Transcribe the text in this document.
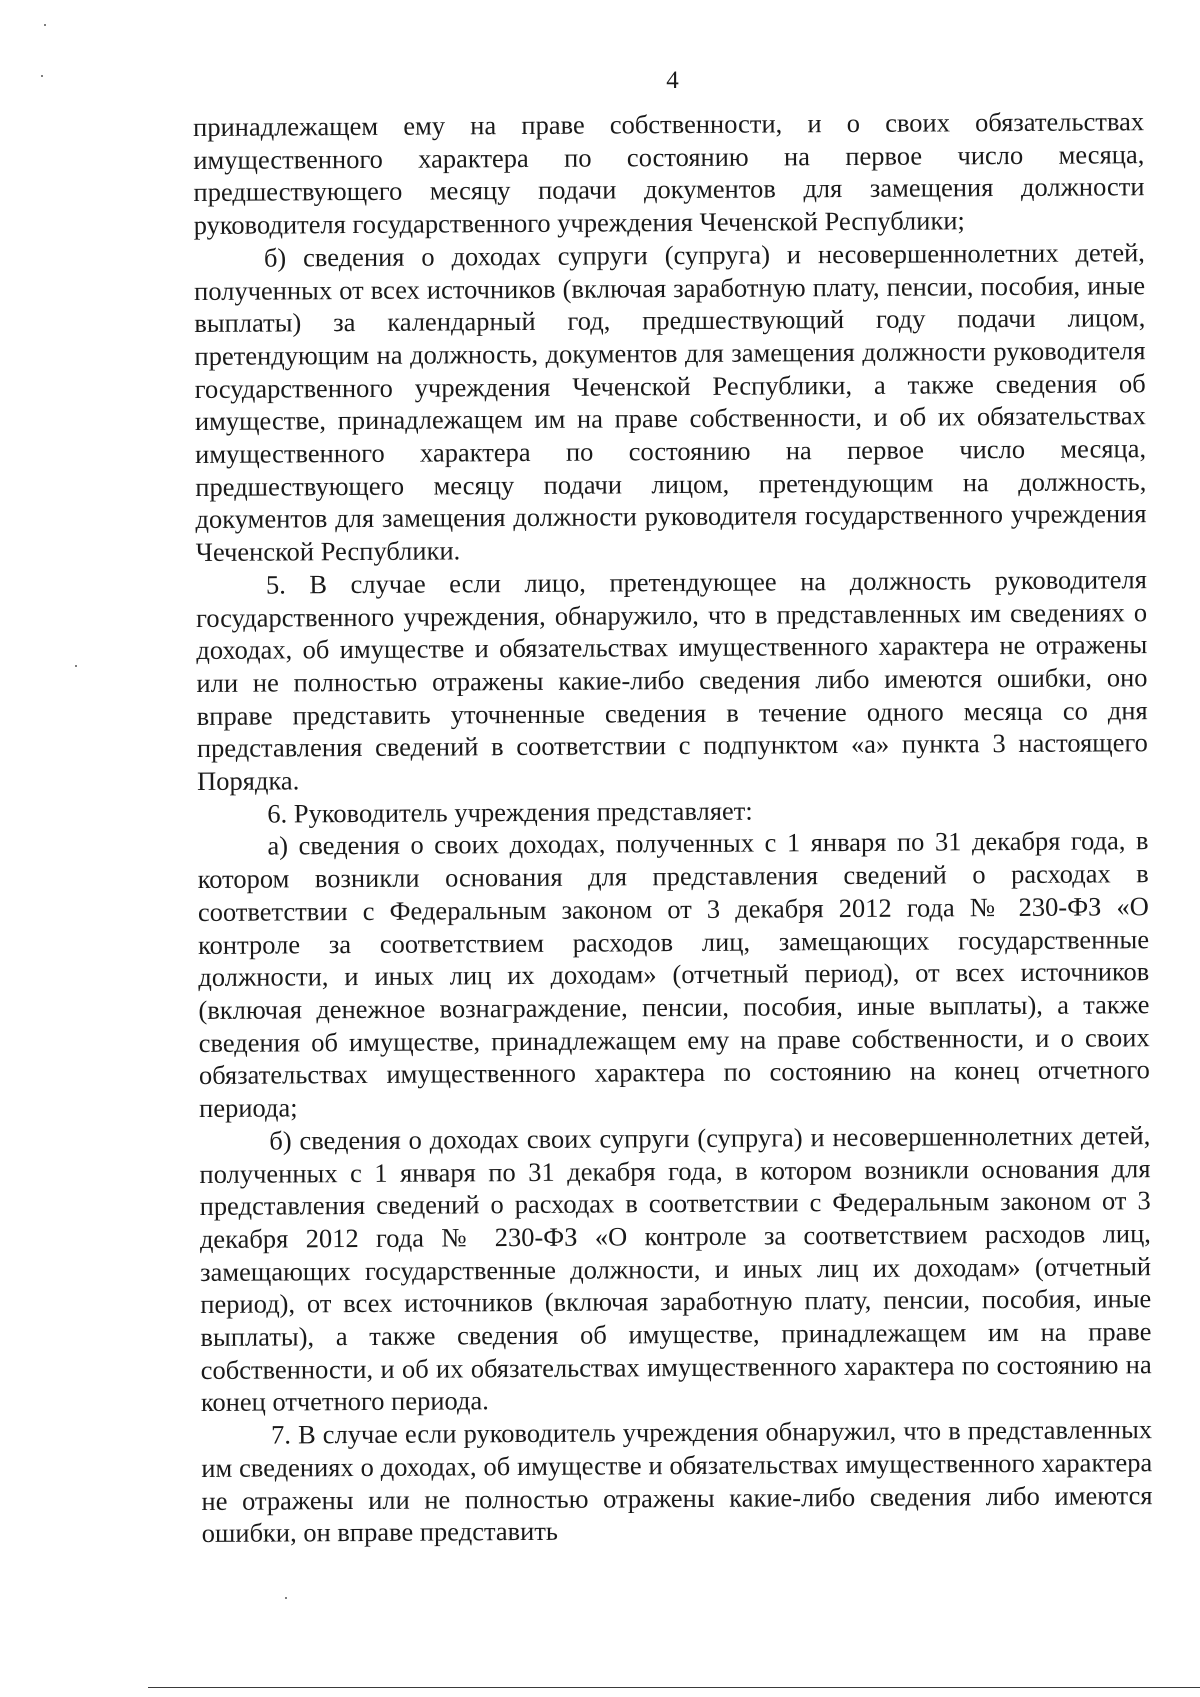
4

принадлежащем ему на праве собственности, и о своих обязательствах имущественного характера по состоянию на первое число месяца, предшествующего месяцу подачи документов для замещения должности руководителя государственного учреждения Чеченской Республики;

б) сведения о доходах супруги (супруга) и несовершеннолетних детей, полученных от всех источников (включая заработную плату, пенсии, пособия, иные выплаты) за календарный год, предшествующий году подачи лицом, претендующим на должность, документов для замещения должности руководителя государственного учреждения Чеченской Республики, а также сведения об имуществе, принадлежащем им на праве собственности, и об их обязательствах имущественного характера по состоянию на первое число месяца, предшествующего месяцу подачи лицом, претендующим на должность, документов для замещения должности руководителя государственного учреждения Чеченской Республики.

5. В случае если лицо, претендующее на должность руководителя государственного учреждения, обнаружило, что в представленных им сведениях о доходах, об имуществе и обязательствах имущественного характера не отражены или не полностью отражены какие-либо сведения либо имеются ошибки, оно вправе представить уточненные сведения в течение одного месяца со дня представления сведений в соответствии с подпунктом «а» пункта 3 настоящего Порядка.

6. Руководитель учреждения представляет:

а) сведения о своих доходах, полученных с 1 января по 31 декабря года, в котором возникли основания для представления сведений о расходах в соответствии с Федеральным законом от 3 декабря 2012 года № 230-ФЗ «О контроле за соответствием расходов лиц, замещающих государственные должности, и иных лиц их доходам» (отчетный период), от всех источников (включая денежное вознаграждение, пенсии, пособия, иные выплаты), а также сведения об имуществе, принадлежащем ему на праве собственности, и о своих обязательствах имущественного характера по состоянию на конец отчетного периода;

б) сведения о доходах своих супруги (супруга) и несовершеннолетних детей, полученных с 1 января по 31 декабря года, в котором возникли основания для представления сведений о расходах в соответствии с Федеральным законом от 3 декабря 2012 года № 230-ФЗ «О контроле за соответствием расходов лиц, замещающих государственные должности, и иных лиц их доходам» (отчетный период), от всех источников (включая заработную плату, пенсии, пособия, иные выплаты), а также сведения об имуществе, принадлежащем им на праве собственности, и об их обязательствах имущественного характера по состоянию на конец отчетного периода.

7. В случае если руководитель учреждения обнаружил, что в представленных им сведениях о доходах, об имуществе и обязательствах имущественного характера не отражены или не полностью отражены какие-либо сведения либо имеются ошибки, он вправе представить
